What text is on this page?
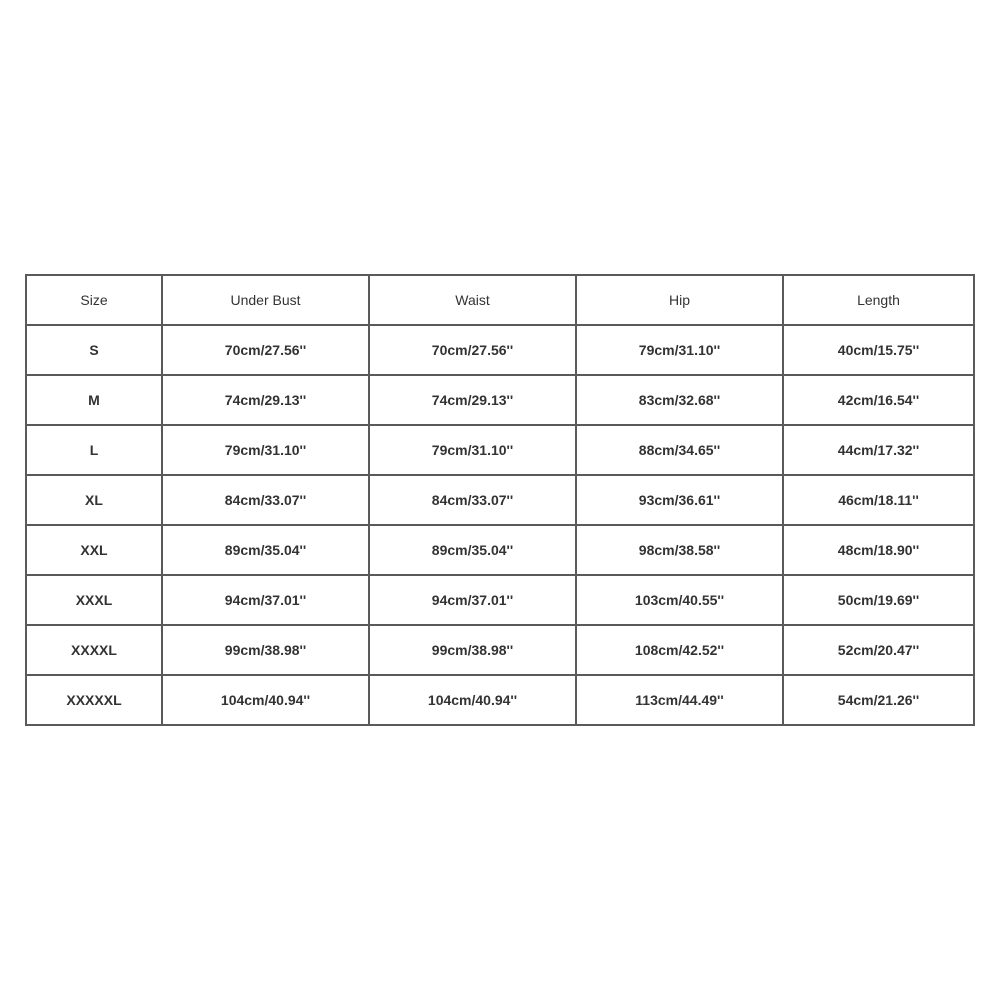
Size	Under Bust	Waist	Hip	Length
S	70cm/27.56''	70cm/27.56''	79cm/31.10''	40cm/15.75''
M	74cm/29.13''	74cm/29.13''	83cm/32.68''	42cm/16.54''
L	79cm/31.10''	79cm/31.10''	88cm/34.65''	44cm/17.32''
XL	84cm/33.07''	84cm/33.07''	93cm/36.61''	46cm/18.11''
XXL	89cm/35.04''	89cm/35.04''	98cm/38.58''	48cm/18.90''
XXXL	94cm/37.01''	94cm/37.01''	103cm/40.55''	50cm/19.69''
XXXXL	99cm/38.98''	99cm/38.98''	108cm/42.52''	52cm/20.47''
XXXXXL	104cm/40.94''	104cm/40.94''	113cm/44.49''	54cm/21.26''
